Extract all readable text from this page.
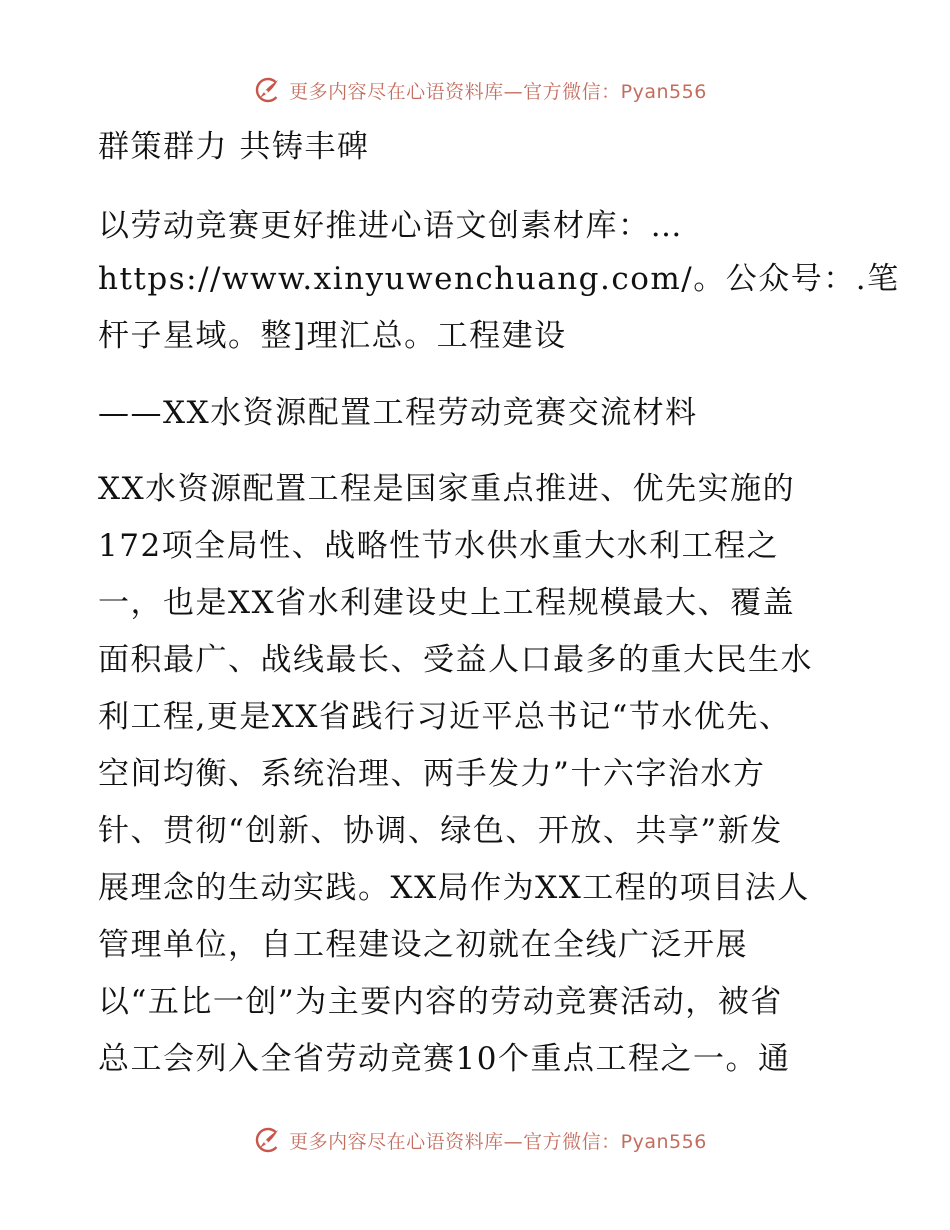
更多内容尽在心语资料库—官方微信：Pyan556
群策群力 共铸丰碑
以劳动竞赛更好推进心语文创素材库：…
https://www.xinyuwenchuang.com/。公众号：.笔
杆子星域。整]理汇总。工程建设
——XX水资源配置工程劳动竞赛交流材料
XX水资源配置工程是国家重点推进、优先实施的
172项全局性、战略性节水供水重大水利工程之
一，也是XX省水利建设史上工程规模最大、覆盖
面积最广、战线最长、受益人口最多的重大民生水
利工程,更是XX省践行习近平总书记“节水优先、
空间均衡、系统治理、两手发力”十六字治水方
针、贯彻“创新、协调、绿色、开放、共享”新发
展理念的生动实践。XX局作为XX工程的项目法人
管理单位，自工程建设之初就在全线广泛开展
以“五比一创”为主要内容的劳动竞赛活动，被省
总工会列入全省劳动竞赛10个重点工程之一。通
更多内容尽在心语资料库—官方微信：Pyan556
